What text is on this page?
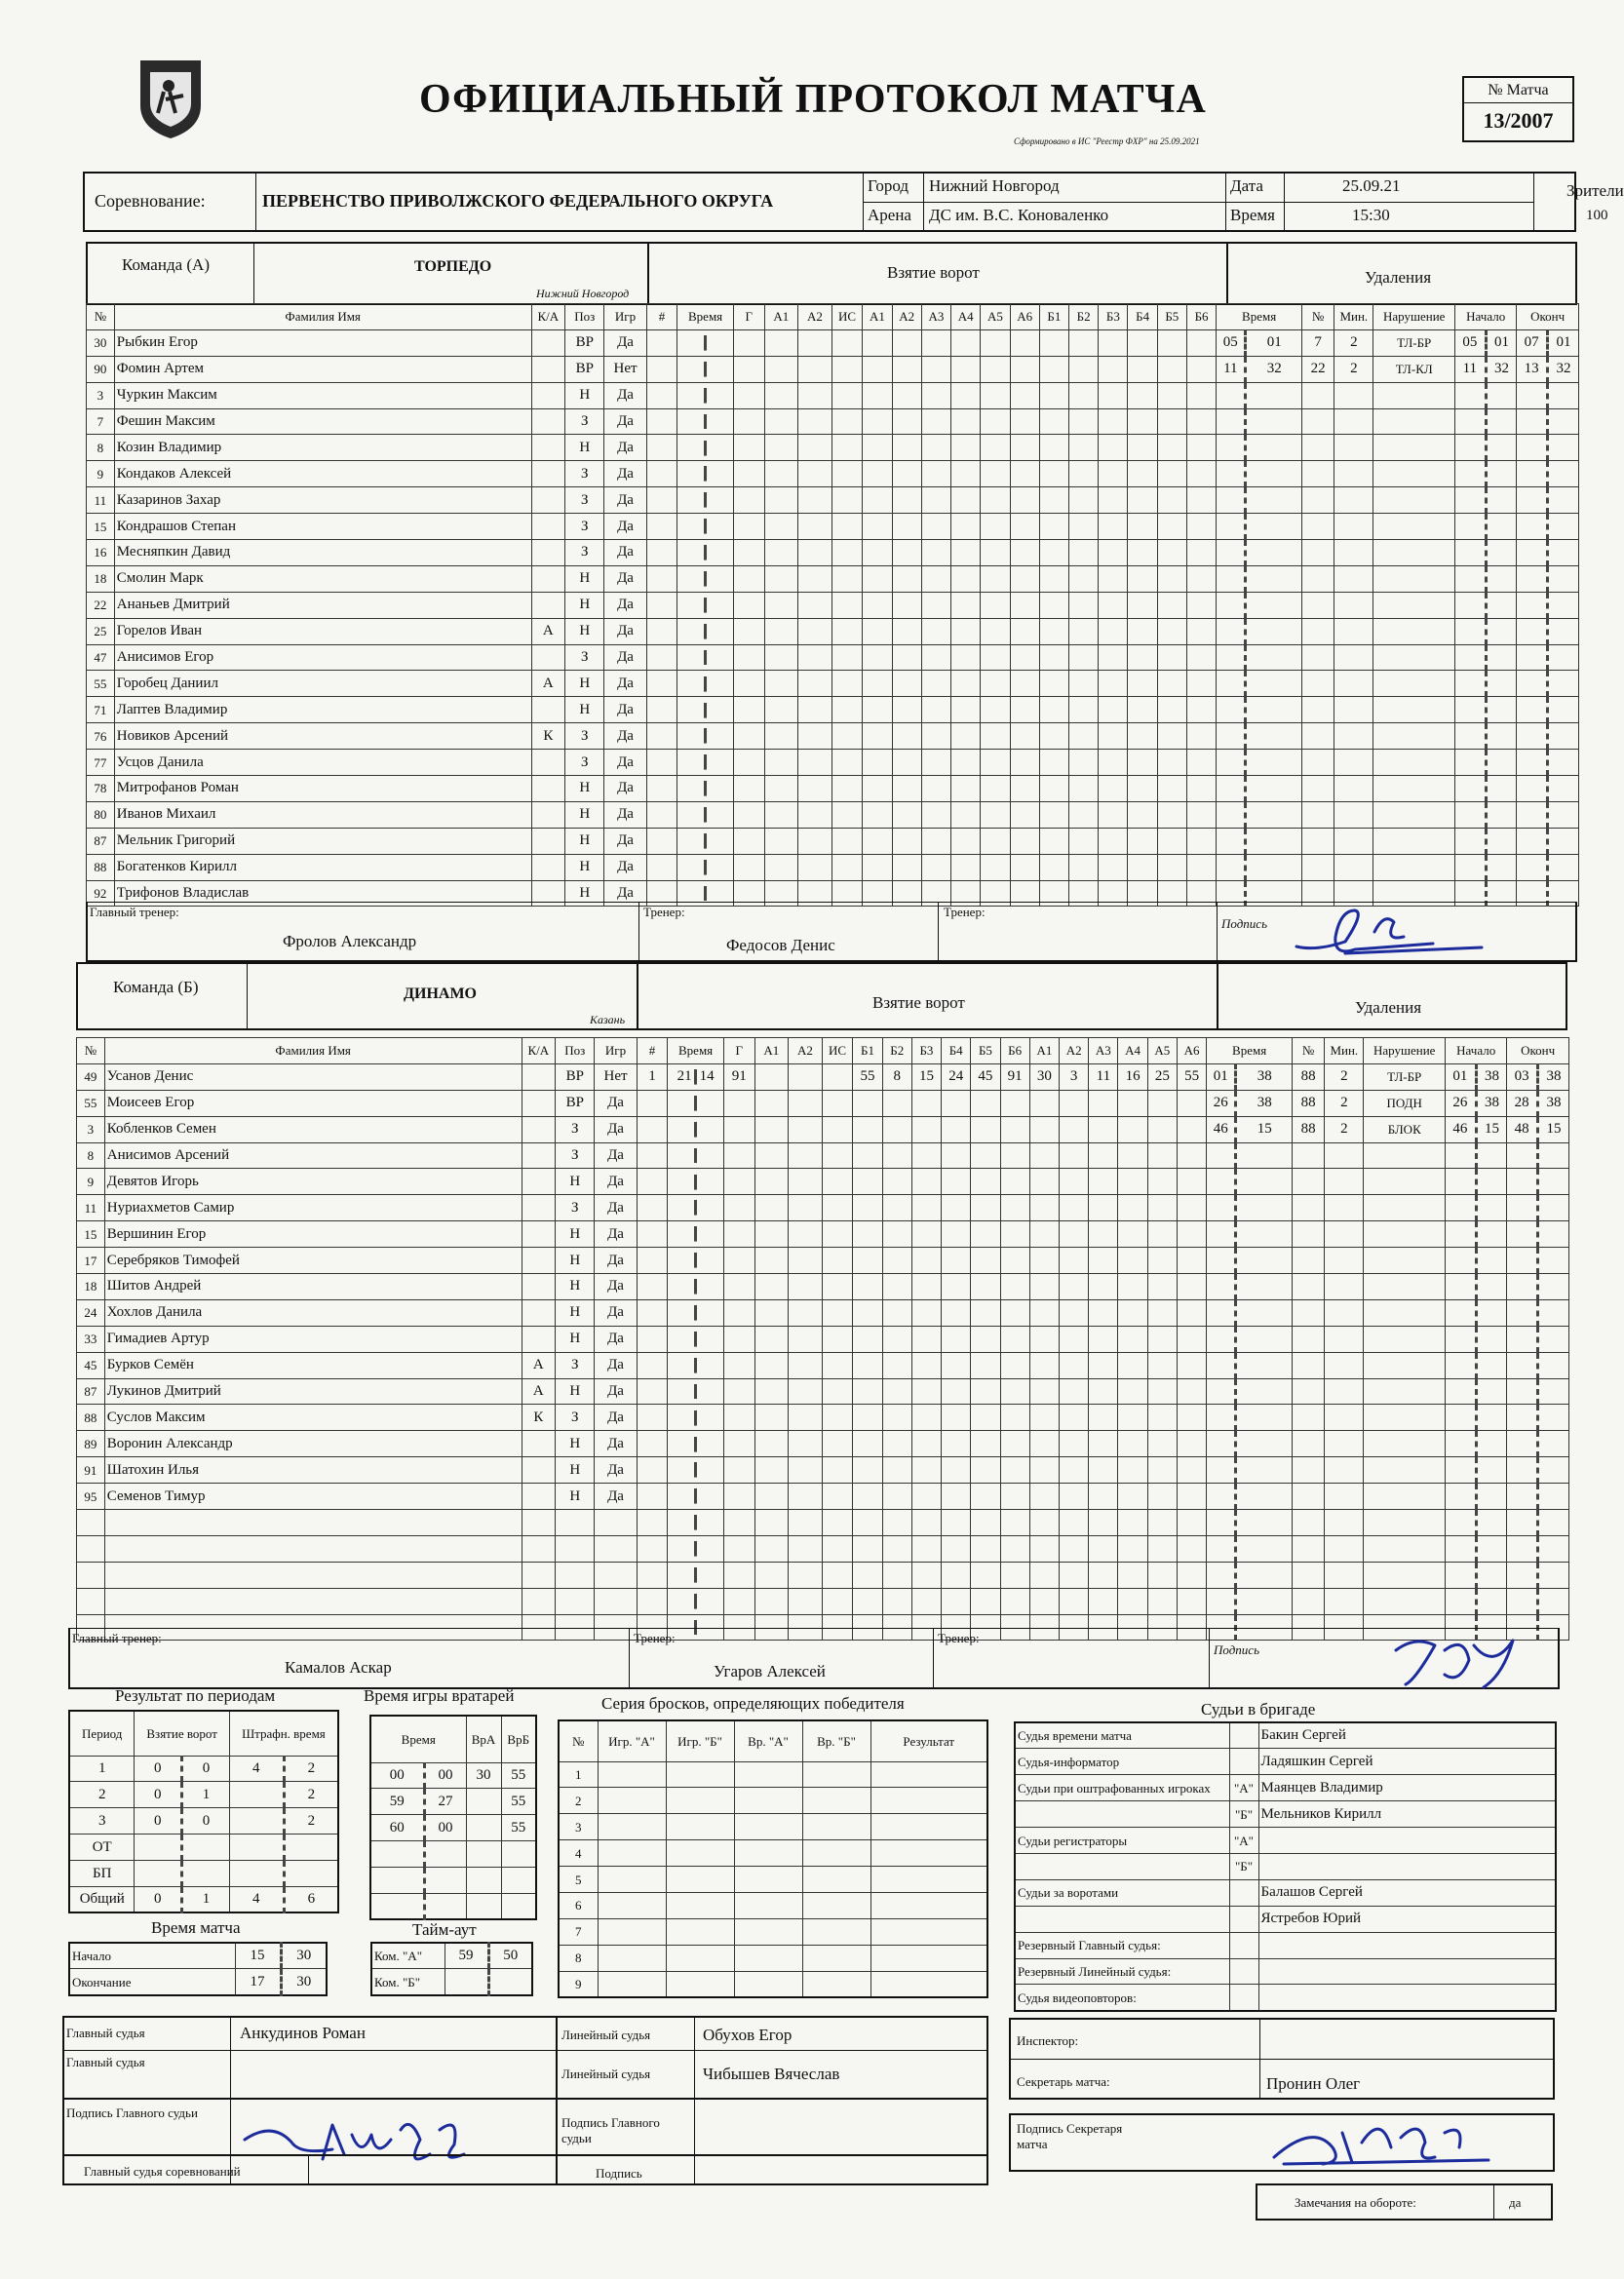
ОФИЦИАЛЬНЫЙ ПРОТОКОЛ МАТЧА
Сформировано в ИС "Реестр ФХР" на 25.09.2021
№ Матча
13/2007
Соревнование:	ПЕРВЕНСТВО ПРИВОЛЖСКОГО ФЕДЕРАЛЬНОГО ОКРУГА
Город Нижний Новгород
Арена ДС им. В.С. Коноваленко
Дата	25.09.21
Время	15:30
Зрители
100
Команда (А)	ТОРПЕДО
Нижний Новгород
Взятие ворот	Удаления
№	Фамилия Имя	К/А	Поз	Игр	#	Время	Г	А1	А2	ИС	А1	А2	А3	А4	А5	А6	Б1	Б2	Б3	Б4	Б5	Б6	Время		№	Мин.	Нарушение	Начало		Оконч	
30	Рыбкин Егор		ВР	Да																			05	01	7	2	ТЛ-БР	05	01	07	01
90	Фомин Артем		ВР	Нет																			11	32	22	2	ТЛ-КЛ	11	32	13	32
3	Чуркин Максим		Н	Да																											
7	Фешин Максим		З	Да																											
8	Козин Владимир		Н	Да																											
9	Кондаков Алексей		З	Да																											
11	Казаринов Захар		З	Да																											
15	Кондрашов Степан		З	Да																											
16	Месняпкин Давид		З	Да																											
18	Смолин Марк		Н	Да																											
22	Ананьев Дмитрий		Н	Да																											
25	Горелов Иван	А	Н	Да																											
47	Анисимов Егор		З	Да																											
55	Горобец Даниил	А	Н	Да																											
71	Лаптев Владимир		Н	Да																											
76	Новиков Арсений	К	З	Да																											
77	Усцов Данила		З	Да																											
78	Митрофанов Роман		Н	Да																											
80	Иванов Михаил		Н	Да																											
87	Мельник Григорий		Н	Да																											
88	Богатенков Кирилл		Н	Да																											
92	Трифонов Владислав		Н	Да																											
Главный тренер:
Фролов Александр
Тренер:
Федосов Денис
Тренер:
Подпись
Команда (Б)	ДИНАМО
Казань
Взятие ворот	Удаления
№	Фамилия Имя	К/А	Поз	Игр	#	Время	Г	А1	А2	ИС	Б1	Б2	Б3	Б4	Б5	Б6	А1	А2	А3	А4	А5	А6	Время		№	Мин.	Нарушение	Начало		Оконч	
49	Усанов Денис		ВР	Нет	1	21 14	91				55	8	15	24	45	91	30	3	11	16	25	55	01	38	88	2	ТЛ-БР	01	38	03	38
55	Моисеев Егор		ВР	Да																			26	38	88	2	ПОДН	26	38	28	38
3	Кобленков Семен		З	Да																			46	15	88	2	БЛОК	46	15	48	15
8	Анисимов Арсений		З	Да																											
9	Девятов Игорь		Н	Да																											
11	Нуриахметов Самир		З	Да																											
15	Вершинин Егор		Н	Да																											
17	Серебряков Тимофей		Н	Да																											
18	Шитов Андрей		Н	Да																											
24	Хохлов Данила		Н	Да																											
33	Гимадиев Артур		Н	Да																											
45	Бурков Семён	А	З	Да																											
87	Лукинов Дмитрий	А	Н	Да																											
88	Суслов Максим	К	З	Да																											
89	Воронин Александр		Н	Да																											
91	Шатохин Илья		Н	Да																											
95	Семенов Тимур		Н	Да																											

Главный тренер:
Камалов Аскар
Тренер:
Угаров Алексей
Тренер:
Подпись
Результат по периодам
Период	Взятие ворот		Штрафн. время	
1	0	0	4	2
2	0	1		2
3	0	0		2
ОТ				
БП				
Общий	0	1	4	6
Время игры вратарей
Время		ВрА	ВрБ
00	00	30	55
59	27		55
60	00		55

Серия бросков, определяющих победителя
№	Игр. "А"	Игр. "Б"	Вр. "А"	Вр. "Б"	Результат
1					
2					
3					
4					
5					
6					
7					
8					
9					
Время матча
Начало	15	30
Окончание	17	30
Тайм-аут
Ком. "А"	59	50
Ком. "Б"		
Судьи в бригаде
Судья времени матча		Бакин Сергей
Судья-информатор		Ладяшкин Сергей
Судьи при оштрафованных игроках	"А"	Маянцев Владимир
	"Б"	Мельников Кирилл
Судьи регистраторы	"А"	
	"Б"	
Судьи за воротами		Балашов Сергей
		Ястребов Юрий
Резервный Главный судья:		
Резервный Линейный судья:		
Судья видеоповторов:		
Главный судья	Анкудинов Роман
Главный судья
Подпись Главного судьи
Линейный судья	Обухов Егор
Линейный судья	Чибышев Вячеслав
Подпись Главного судьи
Главный судья соревнований	Подпись
Инспектор:
Секретарь матча:	Пронин Олег
Подпись Секретаря матча
Замечания на обороте:	да
